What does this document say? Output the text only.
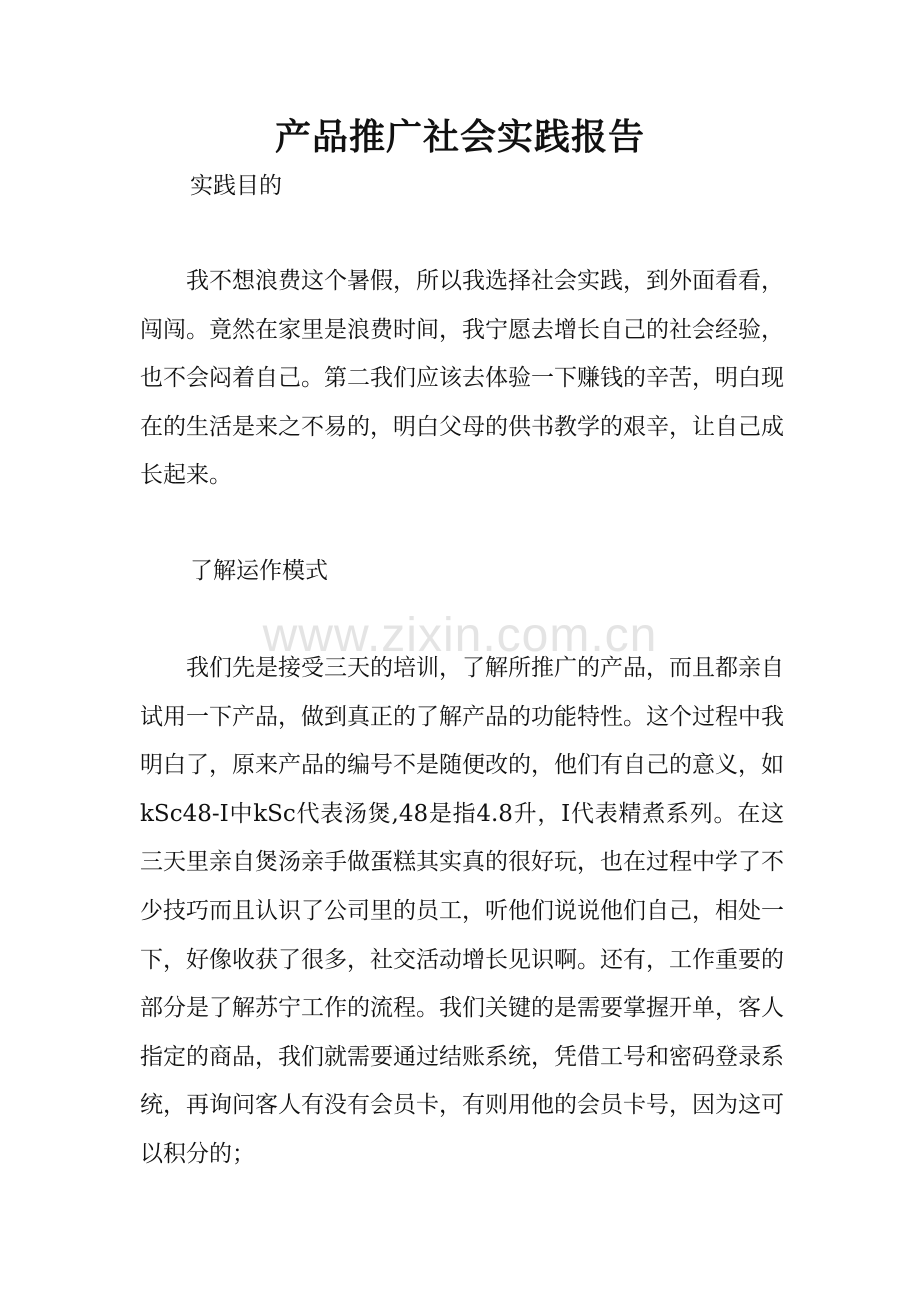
www.zixin.com.cn
产品推广社会实践报告
实践目的
我不想浪费这个暑假，所以我选择社会实践，到外面看看，闯闯。竟然在家里是浪费时间，我宁愿去增长自己的社会经验，也不会闷着自己。第二我们应该去体验一下赚钱的辛苦，明白现在的生活是来之不易的，明白父母的供书教学的艰辛，让自己成长起来。
了解运作模式
我们先是接受三天的培训，了解所推广的产品，而且都亲自试用一下产品，做到真正的了解产品的功能特性。这个过程中我明白了，原来产品的编号不是随便改的，他们有自己的意义，如kSc48-I中kSc代表汤煲,48是指4.8升，I代表精煮系列。在这三天里亲自煲汤亲手做蛋糕其实真的很好玩，也在过程中学了不少技巧而且认识了公司里的员工，听他们说说他们自己，相处一下，好像收获了很多，社交活动增长见识啊。还有，工作重要的部分是了解苏宁工作的流程。我们关键的是需要掌握开单，客人指定的商品，我们就需要通过结账系统，凭借工号和密码登录系统，再询问客人有没有会员卡，有则用他的会员卡号，因为这可以积分的；
